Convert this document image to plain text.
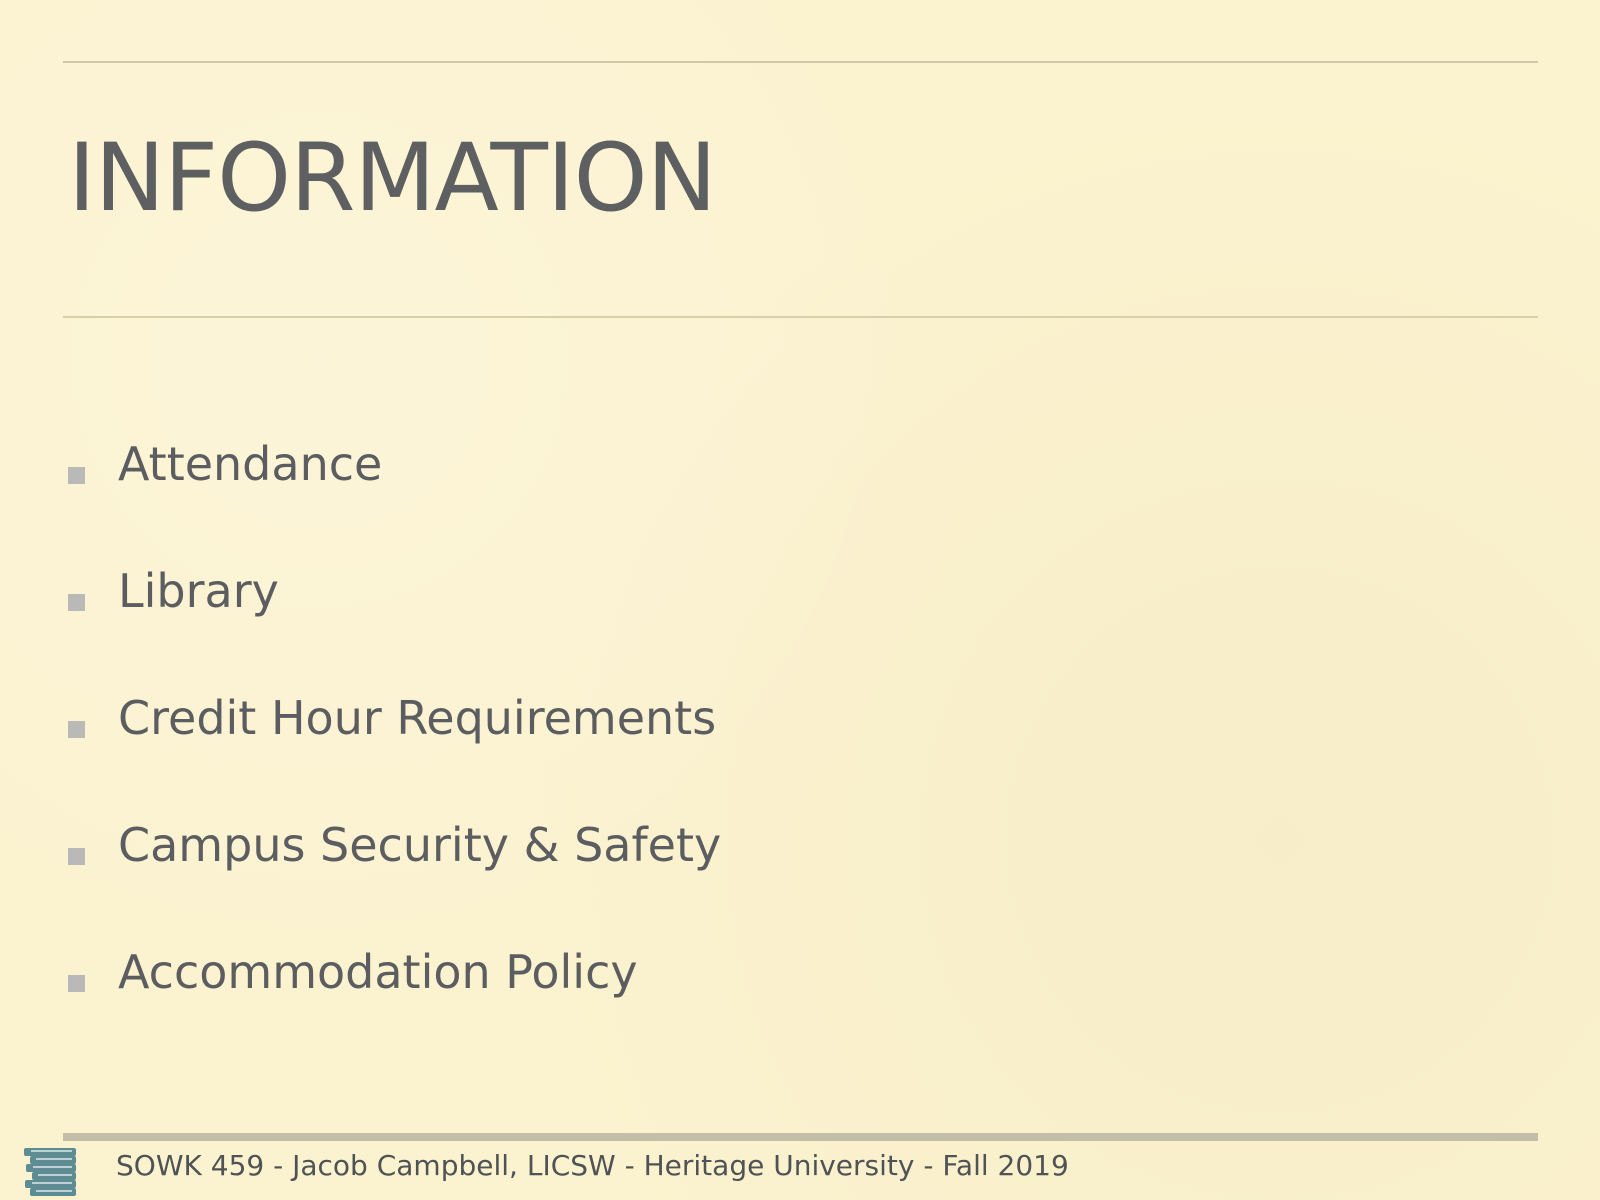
INFORMATION
Attendance
Library
Credit Hour Requirements
Campus Security & Safety
Accommodation Policy
SOWK 459 - Jacob Campbell, LICSW - Heritage University - Fall 2019
